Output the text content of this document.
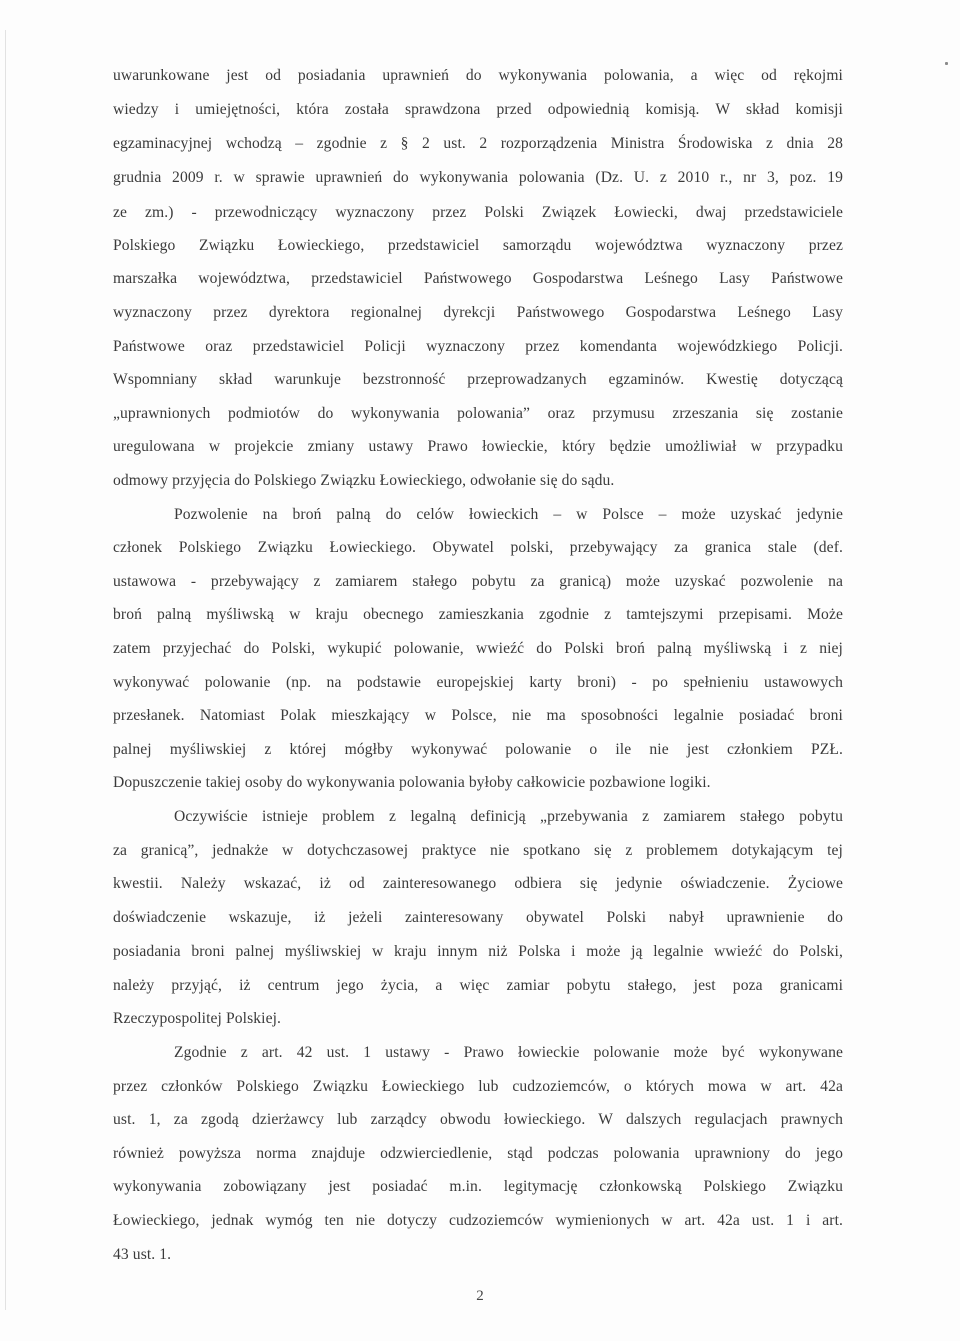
uwarunkowane jest od posiadania uprawnień do wykonywania polowania, a więc od rękojmi
wiedzy i umiejętności, która została sprawdzona przed odpowiednią komisją. W skład komisji
egzaminacyjnej wchodzą – zgodnie z § 2 ust. 2 rozporządzenia Ministra Środowiska z dnia 28
grudnia 2009 r. w sprawie uprawnień do wykonywania polowania (Dz. U. z 2010 r., nr 3, poz. 19
ze zm.) - przewodniczący wyznaczony przez Polski Związek Łowiecki, dwaj przedstawiciele
Polskiego Związku Łowieckiego, przedstawiciel samorządu województwa wyznaczony przez
marszałka województwa, przedstawiciel Państwowego Gospodarstwa Leśnego Lasy Państwowe
wyznaczony przez dyrektora regionalnej dyrekcji Państwowego Gospodarstwa Leśnego Lasy
Państwowe oraz przedstawiciel Policji wyznaczony przez komendanta wojewódzkiego Policji.
Wspomniany skład warunkuje bezstronność przeprowadzanych egzaminów. Kwestię dotyczącą
„uprawnionych podmiotów do wykonywania polowania” oraz przymusu zrzeszania się zostanie
uregulowana w projekcie zmiany ustawy Prawo łowieckie, który będzie umożliwiał w przypadku
odmowy przyjęcia do Polskiego Związku Łowieckiego, odwołanie się do sądu.
Pozwolenie na broń palną do celów łowieckich – w Polsce – może uzyskać jedynie
członek Polskiego Związku Łowieckiego. Obywatel polski, przebywający za granica stale (def.
ustawowa - przebywający z zamiarem stałego pobytu za granicą) może uzyskać pozwolenie na
broń palną myśliwską w kraju obecnego zamieszkania zgodnie z tamtejszymi przepisami. Może
zatem przyjechać do Polski, wykupić polowanie, wwieźć do Polski broń palną myśliwską i z niej
wykonywać polowanie (np. na podstawie europejskiej karty broni) - po spełnieniu ustawowych
przesłanek. Natomiast Polak mieszkający w Polsce, nie ma sposobności legalnie posiadać broni
palnej myśliwskiej z której mógłby wykonywać polowanie o ile nie jest członkiem PZŁ.
Dopuszczenie takiej osoby do wykonywania polowania byłoby całkowicie pozbawione logiki.
Oczywiście istnieje problem z legalną definicją „przebywania z zamiarem stałego pobytu
za granicą”, jednakże w dotychczasowej praktyce nie spotkano się z problemem dotykającym tej
kwestii. Należy wskazać, iż od zainteresowanego odbiera się jedynie oświadczenie. Życiowe
doświadczenie wskazuje, iż jeżeli zainteresowany obywatel Polski nabył uprawnienie do
posiadania broni palnej myśliwskiej w kraju innym niż Polska i może ją legalnie wwieźć do Polski,
należy przyjąć, iż centrum jego życia, a więc zamiar pobytu stałego, jest poza granicami
Rzeczypospolitej Polskiej.
Zgodnie z art. 42 ust. 1 ustawy - Prawo łowieckie polowanie może być wykonywane
przez członków Polskiego Związku Łowieckiego lub cudzoziemców, o których mowa w art. 42a
ust. 1, za zgodą dzierżawcy lub zarządcy obwodu łowieckiego. W dalszych regulacjach prawnych
również powyższa norma znajduje odzwierciedlenie, stąd podczas polowania uprawniony do jego
wykonywania zobowiązany jest posiadać m.in. legitymację członkowską Polskiego Związku
Łowieckiego, jednak wymóg ten nie dotyczy cudzoziemców wymienionych w art. 42a ust. 1 i art.
43 ust. 1.
2
